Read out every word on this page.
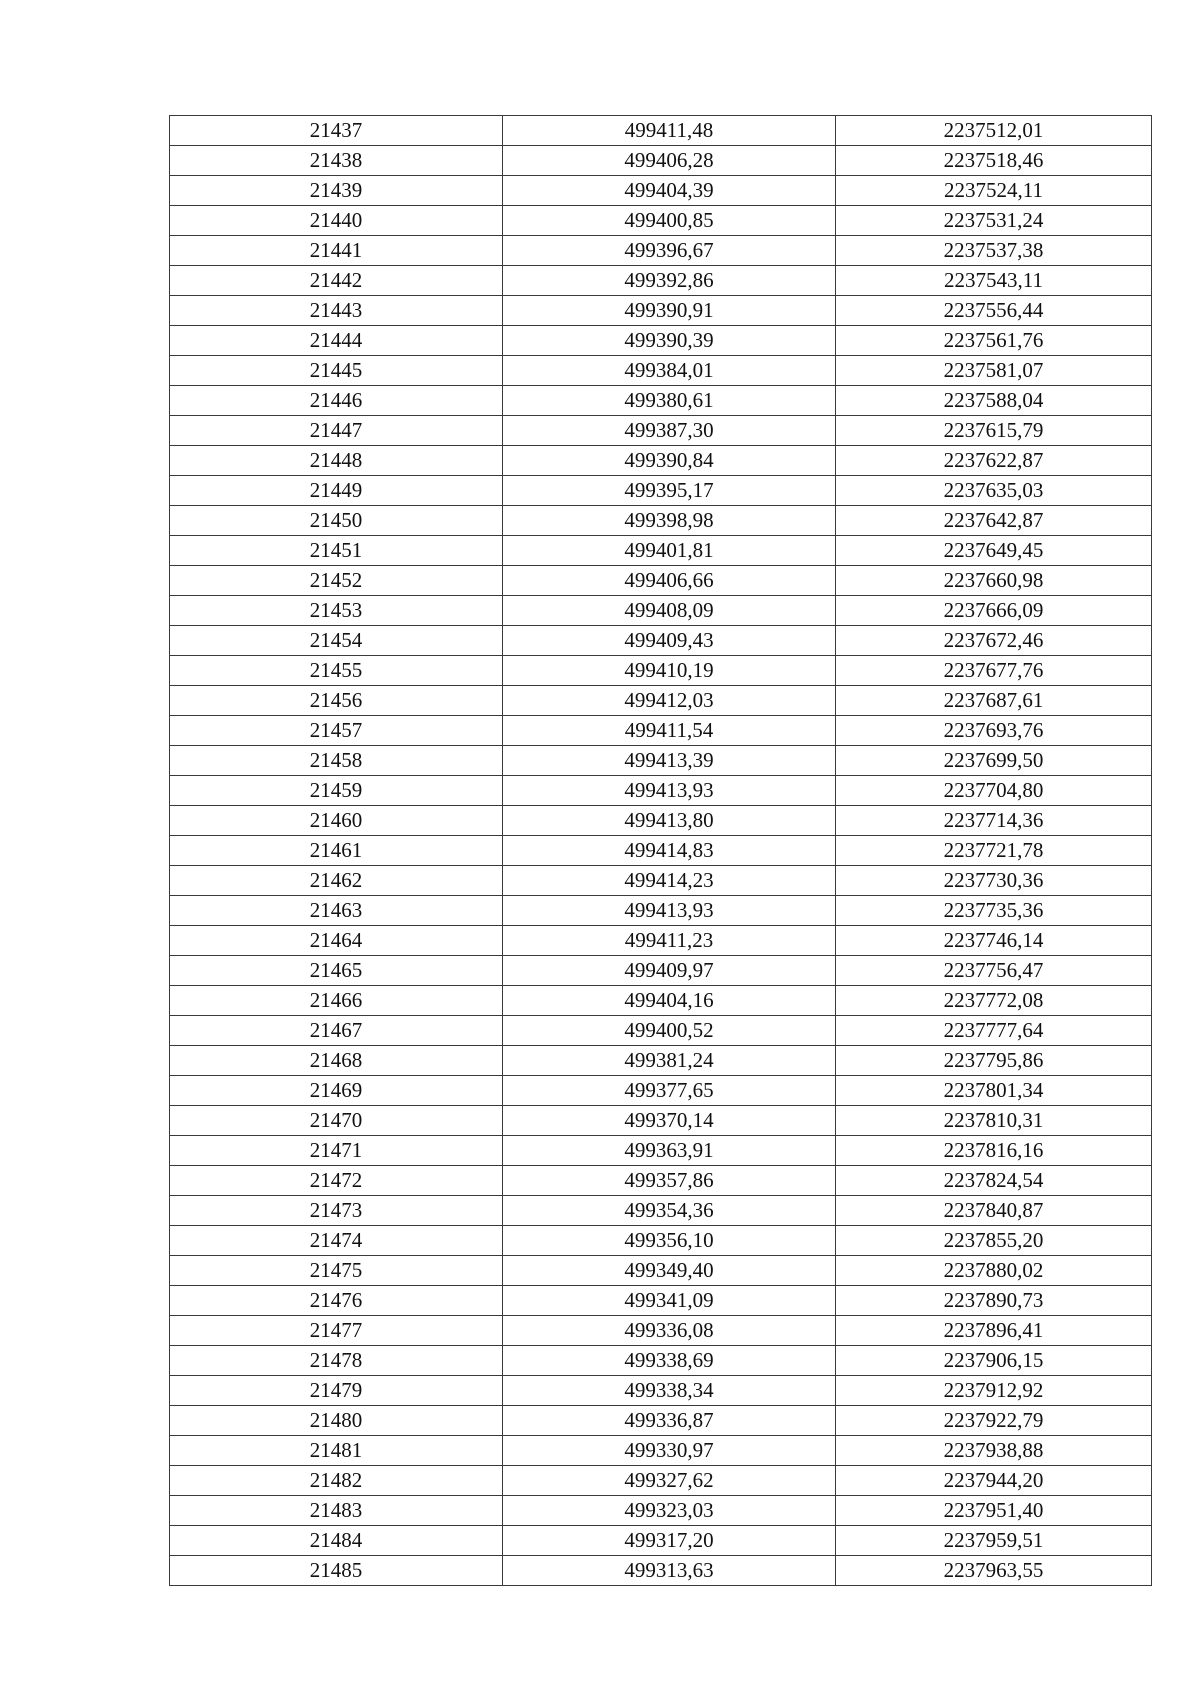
21437	499411,48	2237512,01
21438	499406,28	2237518,46
21439	499404,39	2237524,11
21440	499400,85	2237531,24
21441	499396,67	2237537,38
21442	499392,86	2237543,11
21443	499390,91	2237556,44
21444	499390,39	2237561,76
21445	499384,01	2237581,07
21446	499380,61	2237588,04
21447	499387,30	2237615,79
21448	499390,84	2237622,87
21449	499395,17	2237635,03
21450	499398,98	2237642,87
21451	499401,81	2237649,45
21452	499406,66	2237660,98
21453	499408,09	2237666,09
21454	499409,43	2237672,46
21455	499410,19	2237677,76
21456	499412,03	2237687,61
21457	499411,54	2237693,76
21458	499413,39	2237699,50
21459	499413,93	2237704,80
21460	499413,80	2237714,36
21461	499414,83	2237721,78
21462	499414,23	2237730,36
21463	499413,93	2237735,36
21464	499411,23	2237746,14
21465	499409,97	2237756,47
21466	499404,16	2237772,08
21467	499400,52	2237777,64
21468	499381,24	2237795,86
21469	499377,65	2237801,34
21470	499370,14	2237810,31
21471	499363,91	2237816,16
21472	499357,86	2237824,54
21473	499354,36	2237840,87
21474	499356,10	2237855,20
21475	499349,40	2237880,02
21476	499341,09	2237890,73
21477	499336,08	2237896,41
21478	499338,69	2237906,15
21479	499338,34	2237912,92
21480	499336,87	2237922,79
21481	499330,97	2237938,88
21482	499327,62	2237944,20
21483	499323,03	2237951,40
21484	499317,20	2237959,51
21485	499313,63	2237963,55
